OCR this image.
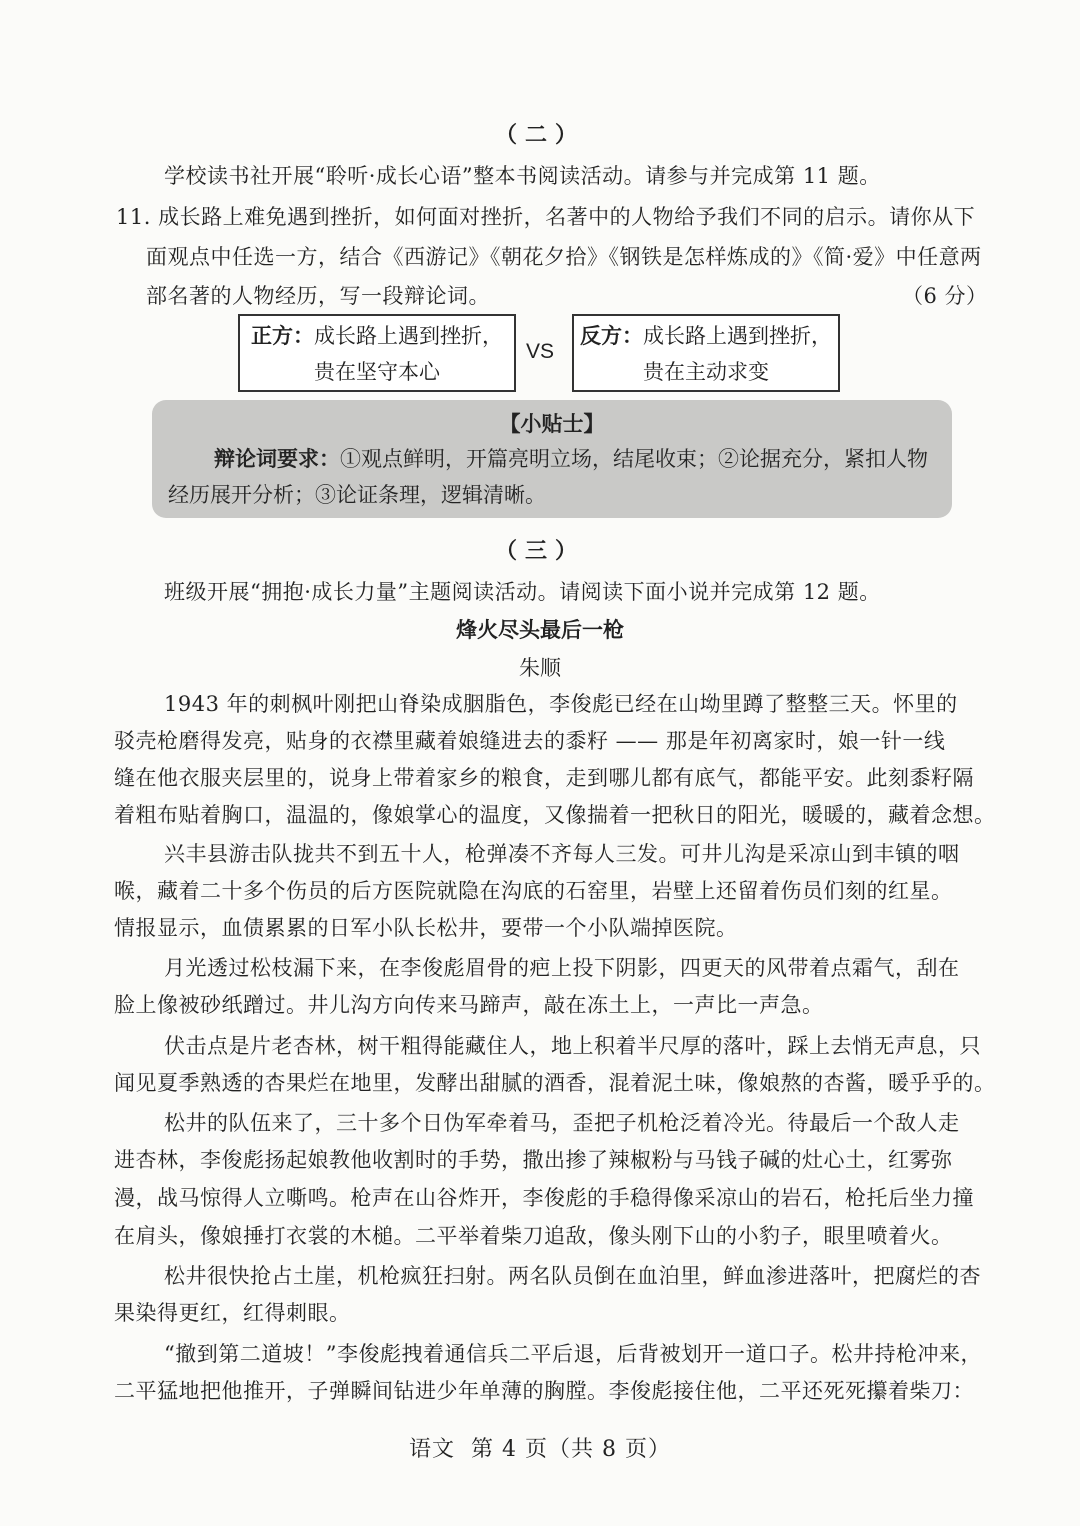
（二）
学校读书社开展“聆听·成长心语”整本书阅读活动。请参与并完成第 11 题。
11. 成长路上难免遇到挫折，如何面对挫折，名著中的人物给予我们不同的启示。请你从下
面观点中任选一方，结合《西游记》《朝花夕拾》《钢铁是怎样炼成的》《简·爱》中任意两
部名著的人物经历，写一段辩论词。	（6 分）
正方：成长路上遇到挫折，
贵在坚守本心
VS
反方：成长路上遇到挫折，
贵在主动求变
【小贴士】
辩论词要求：①观点鲜明，开篇亮明立场，结尾收束；②论据充分，紧扣人物
经历展开分析；③论证条理，逻辑清晰。
（三）
班级开展“拥抱·成长力量”主题阅读活动。请阅读下面小说并完成第 12 题。
烽火尽头最后一枪
朱顺
1943 年的刺枫叶刚把山脊染成胭脂色，李俊彪已经在山坳里蹲了整整三天。怀里的
驳壳枪磨得发亮，贴身的衣襟里藏着娘缝进去的黍籽 —— 那是年初离家时，娘一针一线
缝在他衣服夹层里的，说身上带着家乡的粮食，走到哪儿都有底气，都能平安。此刻黍籽隔
着粗布贴着胸口，温温的，像娘掌心的温度，又像揣着一把秋日的阳光，暖暖的，藏着念想。
兴丰县游击队拢共不到五十人，枪弹凑不齐每人三发。可井儿沟是采凉山到丰镇的咽
喉，藏着二十多个伤员的后方医院就隐在沟底的石窑里，岩壁上还留着伤员们刻的红星。
情报显示，血债累累的日军小队长松井，要带一个小队端掉医院。
月光透过松枝漏下来，在李俊彪眉骨的疤上投下阴影，四更天的风带着点霜气，刮在
脸上像被砂纸蹭过。井儿沟方向传来马蹄声，敲在冻土上，一声比一声急。
伏击点是片老杏林，树干粗得能藏住人，地上积着半尺厚的落叶，踩上去悄无声息，只
闻见夏季熟透的杏果烂在地里，发酵出甜腻的酒香，混着泥土味，像娘熬的杏酱，暖乎乎的。
松井的队伍来了，三十多个日伪军牵着马，歪把子机枪泛着冷光。待最后一个敌人走
进杏林，李俊彪扬起娘教他收割时的手势，撒出掺了辣椒粉与马钱子碱的灶心土，红雾弥
漫，战马惊得人立嘶鸣。枪声在山谷炸开，李俊彪的手稳得像采凉山的岩石，枪托后坐力撞
在肩头，像娘捶打衣裳的木槌。二平举着柴刀追敌，像头刚下山的小豹子，眼里喷着火。
松井很快抢占土崖，机枪疯狂扫射。两名队员倒在血泊里，鲜血渗进落叶，把腐烂的杏
果染得更红，红得刺眼。
“撤到第二道坡！”李俊彪拽着通信兵二平后退，后背被划开一道口子。松井持枪冲来，
二平猛地把他推开，子弹瞬间钻进少年单薄的胸膛。李俊彪接住他，二平还死死攥着柴刀：
语文  第 4 页（共 8 页）
